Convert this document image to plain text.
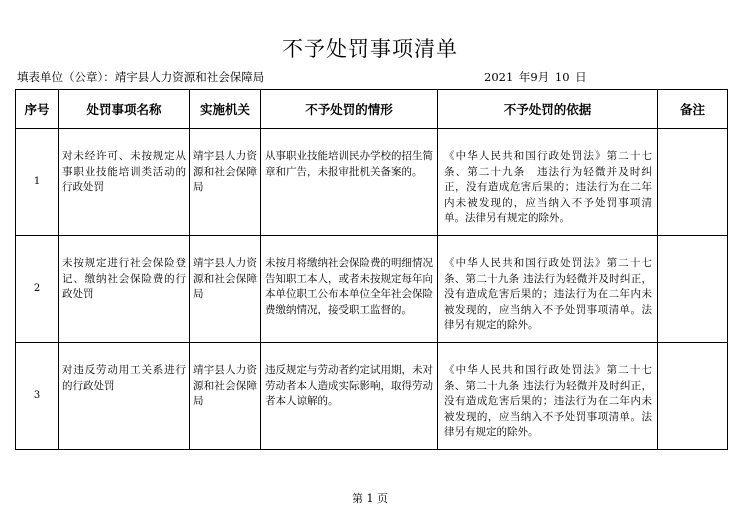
不予处罚事项清单
填表单位（公章）：靖宇县人力资源和社会保障局	2021 年9月 10 日
序号	处罚事项名称	实施机关	不予处罚的情形	不予处罚的依据	备注
1	对未经许可、未按规定从事职业技能培训类活动的行政处罚	靖宇县人力资源和社会保障局	从事职业技能培训民办学校的招生简章和广告，未报审批机关备案的。	《中华人民共和国行政处罚法》第二十七条、第二十九条　违法行为轻微并及时纠正，没有造成危害后果的；违法行为在二年内未被发现的，应当纳入不予处罚事项清单。法律另有规定的除外。	

2	未按规定进行社会保险登记、缴纳社会保险费的行政处罚	靖宇县人力资源和社会保障局	未按月将缴纳社会保险费的明细情况告知职工本人，或者未按规定每年向本单位职工公布本单位全年社会保险费缴纳情况，接受职工监督的。	《中华人民共和国行政处罚法》第二十七条、第二十九条 违法行为轻微并及时纠正，没有造成危害后果的；违法行为在二年内未被发现的，应当纳入不予处罚事项清单。法律另有规定的除外。	

3	对违反劳动用工关系进行的行政处罚	靖宇县人力资源和社会保障局	违反规定与劳动者约定试用期，未对劳动者本人造成实际影响，取得劳动者本人谅解的。	《中华人民共和国行政处罚法》第二十七条、第二十九条 违法行为轻微并及时纠正，没有造成危害后果的；违法行为在二年内未被发现的，应当纳入不予处罚事项清单。法律另有规定的除外。	

第 1 页
